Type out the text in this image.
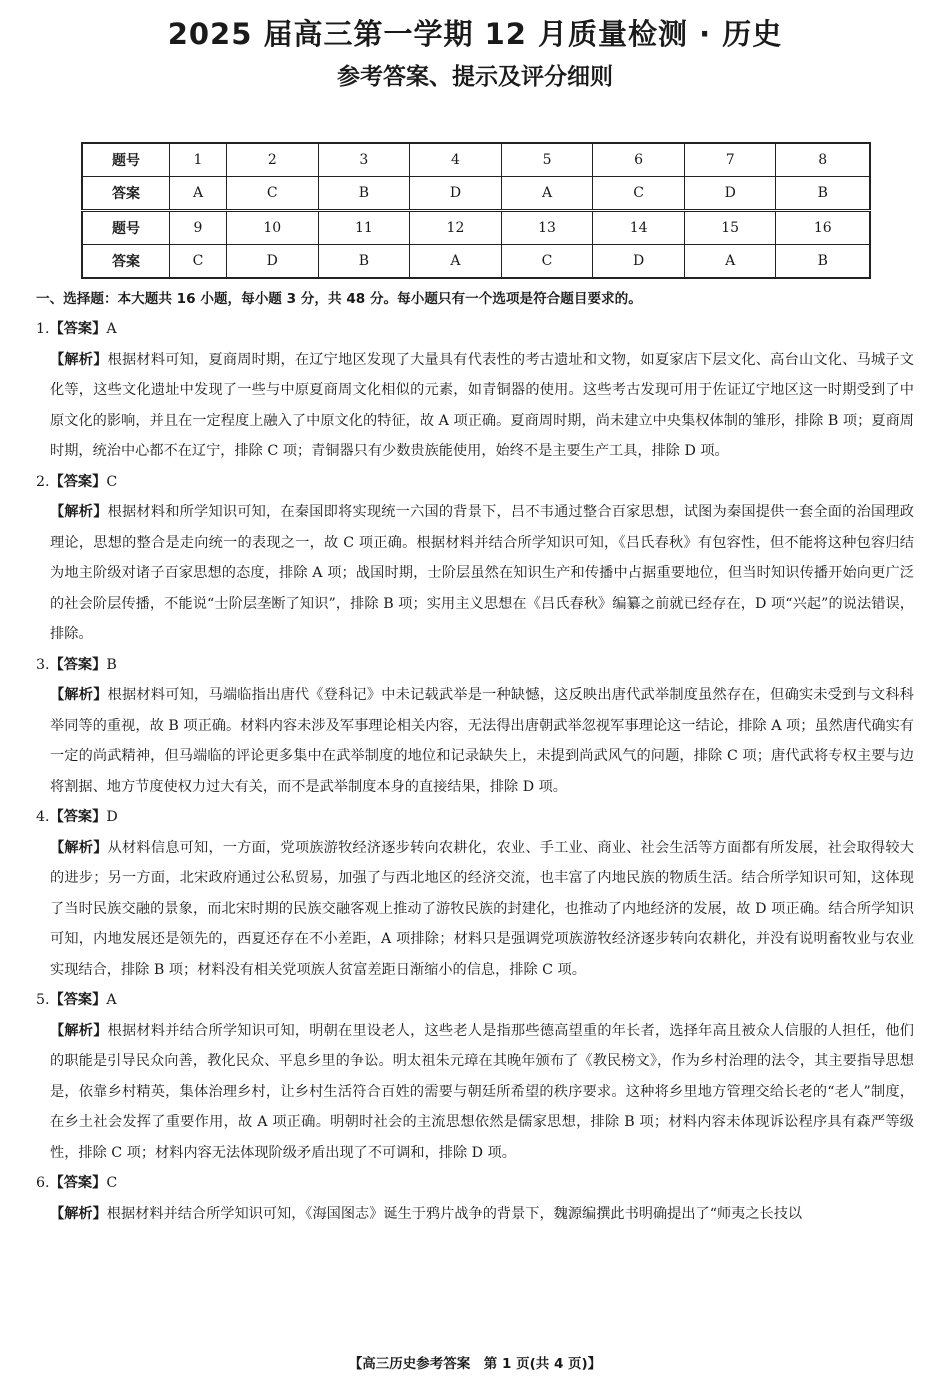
2025 届高三第一学期 12 月质量检测 · 历史
参考答案、提示及评分细则
题号	1	2	3	4	5	6	7	8
答案	A	C	B	D	A	C	D	B
题号	9	10	11	12	13	14	15	16
答案	C	D	B	A	C	D	A	B
一、选择题：本大题共 16 小题，每小题 3 分，共 48 分。每小题只有一个选项是符合题目要求的。

1.【答案】A

【解析】根据材料可知，夏商周时期，在辽宁地区发现了大量具有代表性的考古遗址和文物，如夏家店下层文化、高台山文化、马城子文化等，这些文化遗址中发现了一些与中原夏商周文化相似的元素，如青铜器的使用。这些考古发现可用于佐证辽宁地区这一时期受到了中原文化的影响，并且在一定程度上融入了中原文化的特征，故 A 项正确。夏商周时期，尚未建立中央集权体制的雏形，排除 B 项；夏商周时期，统治中心都不在辽宁，排除 C 项；青铜器只有少数贵族能使用，始终不是主要生产工具，排除 D 项。

2.【答案】C

【解析】根据材料和所学知识可知，在秦国即将实现统一六国的背景下，吕不韦通过整合百家思想，试图为秦国提供一套全面的治国理政理论，思想的整合是走向统一的表现之一，故 C 项正确。根据材料并结合所学知识可知，《吕氏春秋》有包容性，但不能将这种包容归结为地主阶级对诸子百家思想的态度，排除 A 项；战国时期，士阶层虽然在知识生产和传播中占据重要地位，但当时知识传播开始向更广泛的社会阶层传播，不能说“士阶层垄断了知识”，排除 B 项；实用主义思想在《吕氏春秋》编纂之前就已经存在，D 项“兴起”的说法错误，排除。

3.【答案】B

【解析】根据材料可知，马端临指出唐代《登科记》中未记载武举是一种缺憾，这反映出唐代武举制度虽然存在，但确实未受到与文科科举同等的重视，故 B 项正确。材料内容未涉及军事理论相关内容，无法得出唐朝武举忽视军事理论这一结论，排除 A 项；虽然唐代确实有一定的尚武精神，但马端临的评论更多集中在武举制度的地位和记录缺失上，未提到尚武风气的问题，排除 C 项；唐代武将专权主要与边将割据、地方节度使权力过大有关，而不是武举制度本身的直接结果，排除 D 项。

4.【答案】D

【解析】从材料信息可知，一方面，党项族游牧经济逐步转向农耕化，农业、手工业、商业、社会生活等方面都有所发展，社会取得较大的进步；另一方面，北宋政府通过公私贸易，加强了与西北地区的经济交流，也丰富了内地民族的物质生活。结合所学知识可知，这体现了当时民族交融的景象，而北宋时期的民族交融客观上推动了游牧民族的封建化，也推动了内地经济的发展，故 D 项正确。结合所学知识可知，内地发展还是领先的，西夏还存在不小差距，A 项排除；材料只是强调党项族游牧经济逐步转向农耕化，并没有说明畜牧业与农业实现结合，排除 B 项；材料没有相关党项族人贫富差距日渐缩小的信息，排除 C 项。

5.【答案】A

【解析】根据材料并结合所学知识可知，明朝在里设老人，这些老人是指那些德高望重的年长者，选择年高且被众人信服的人担任，他们的职能是引导民众向善，教化民众、平息乡里的争讼。明太祖朱元璋在其晚年颁布了《教民榜文》，作为乡村治理的法令，其主要指导思想是，依靠乡村精英，集体治理乡村，让乡村生活符合百姓的需要与朝廷所希望的秩序要求。这种将乡里地方管理交给长老的“老人”制度，在乡土社会发挥了重要作用，故 A 项正确。明朝时社会的主流思想依然是儒家思想，排除 B 项；材料内容未体现诉讼程序具有森严等级性，排除 C 项；材料内容无法体现阶级矛盾出现了不可调和，排除 D 项。

6.【答案】C

【解析】根据材料并结合所学知识可知，《海国图志》诞生于鸦片战争的背景下，魏源编撰此书明确提出了“师夷之长技以

【高三历史参考答案　第 1 页(共 4 页)】
